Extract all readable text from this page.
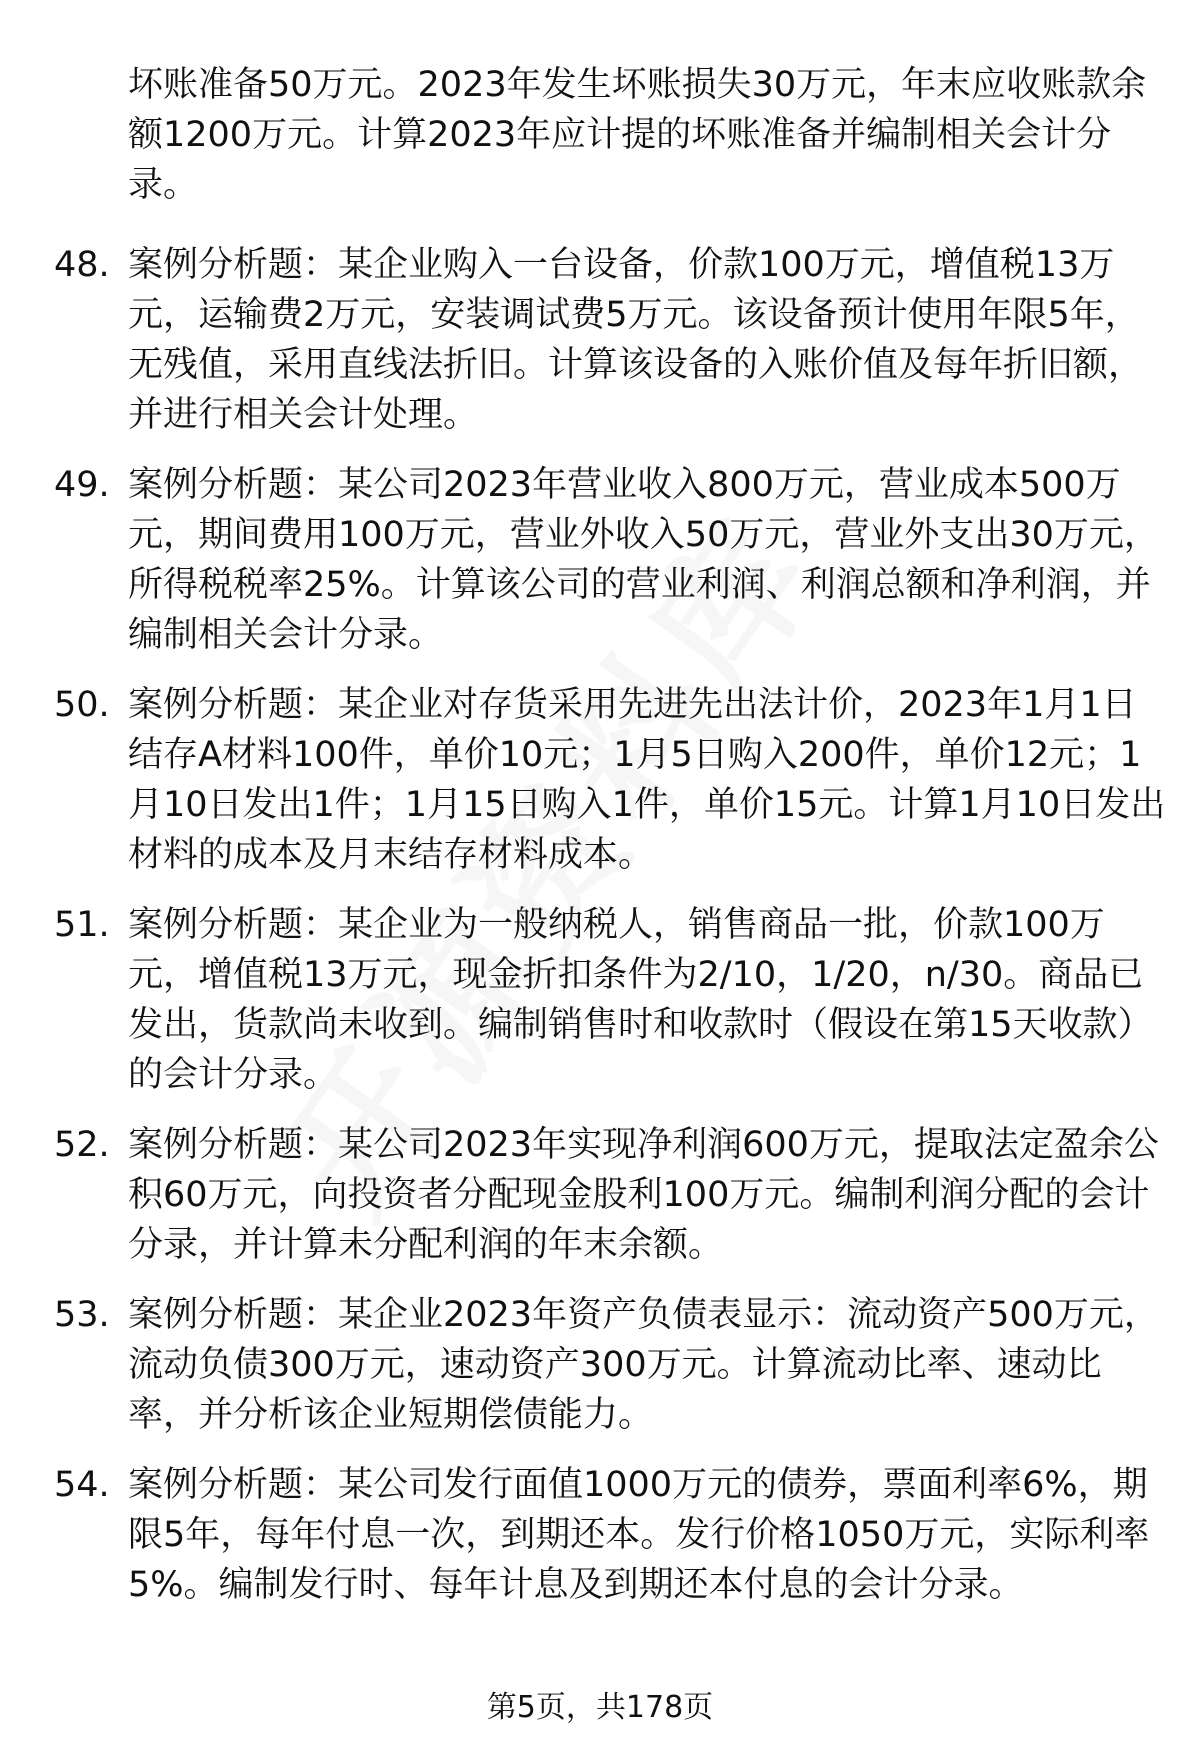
坏账准备50万元。2023年发生坏账损失30万元，年末应收账款余额1200万元。计算2023年应计提的坏账准备并编制相关会计分录。
48. 案例分析题：某企业购入一台设备，价款100万元，增值税13万元，运输费2万元，安装调试费5万元。该设备预计使用年限5年，无残值，采用直线法折旧。计算该设备的入账价值及每年折旧额，并进行相关会计处理。
49. 案例分析题：某公司2023年营业收入800万元，营业成本500万元，期间费用100万元，营业外收入50万元，营业外支出30万元，所得税税率25%。计算该公司的营业利润、利润总额和净利润，并编制相关会计分录。
50. 案例分析题：某企业对存货采用先进先出法计价，2023年1月1日结存A材料100件，单价10元；1月5日购入200件，单价12元；1月10日发出1件；1月15日购入1件，单价15元。计算1月10日发出材料的成本及月末结存材料成本。
51. 案例分析题：某企业为一般纳税人，销售商品一批，价款100万元，增值税13万元，现金折扣条件为2/10，1/20，n/30。商品已发出，货款尚未收到。编制销售时和收款时（假设在第15天收款）的会计分录。
52. 案例分析题：某公司2023年实现净利润600万元，提取法定盈余公积60万元，向投资者分配现金股利100万元。编制利润分配的会计分录，并计算未分配利润的年末余额。
53. 案例分析题：某企业2023年资产负债表显示：流动资产500万元，流动负债300万元，速动资产300万元。计算流动比率、速动比率，并分析该企业短期偿债能力。
54. 案例分析题：某公司发行面值1000万元的债券，票面利率6%，期限5年，每年付息一次，到期还本。发行价格1050万元，实际利率5%。编制发行时、每年计息及到期还本付息的会计分录。
第5页，共178页
